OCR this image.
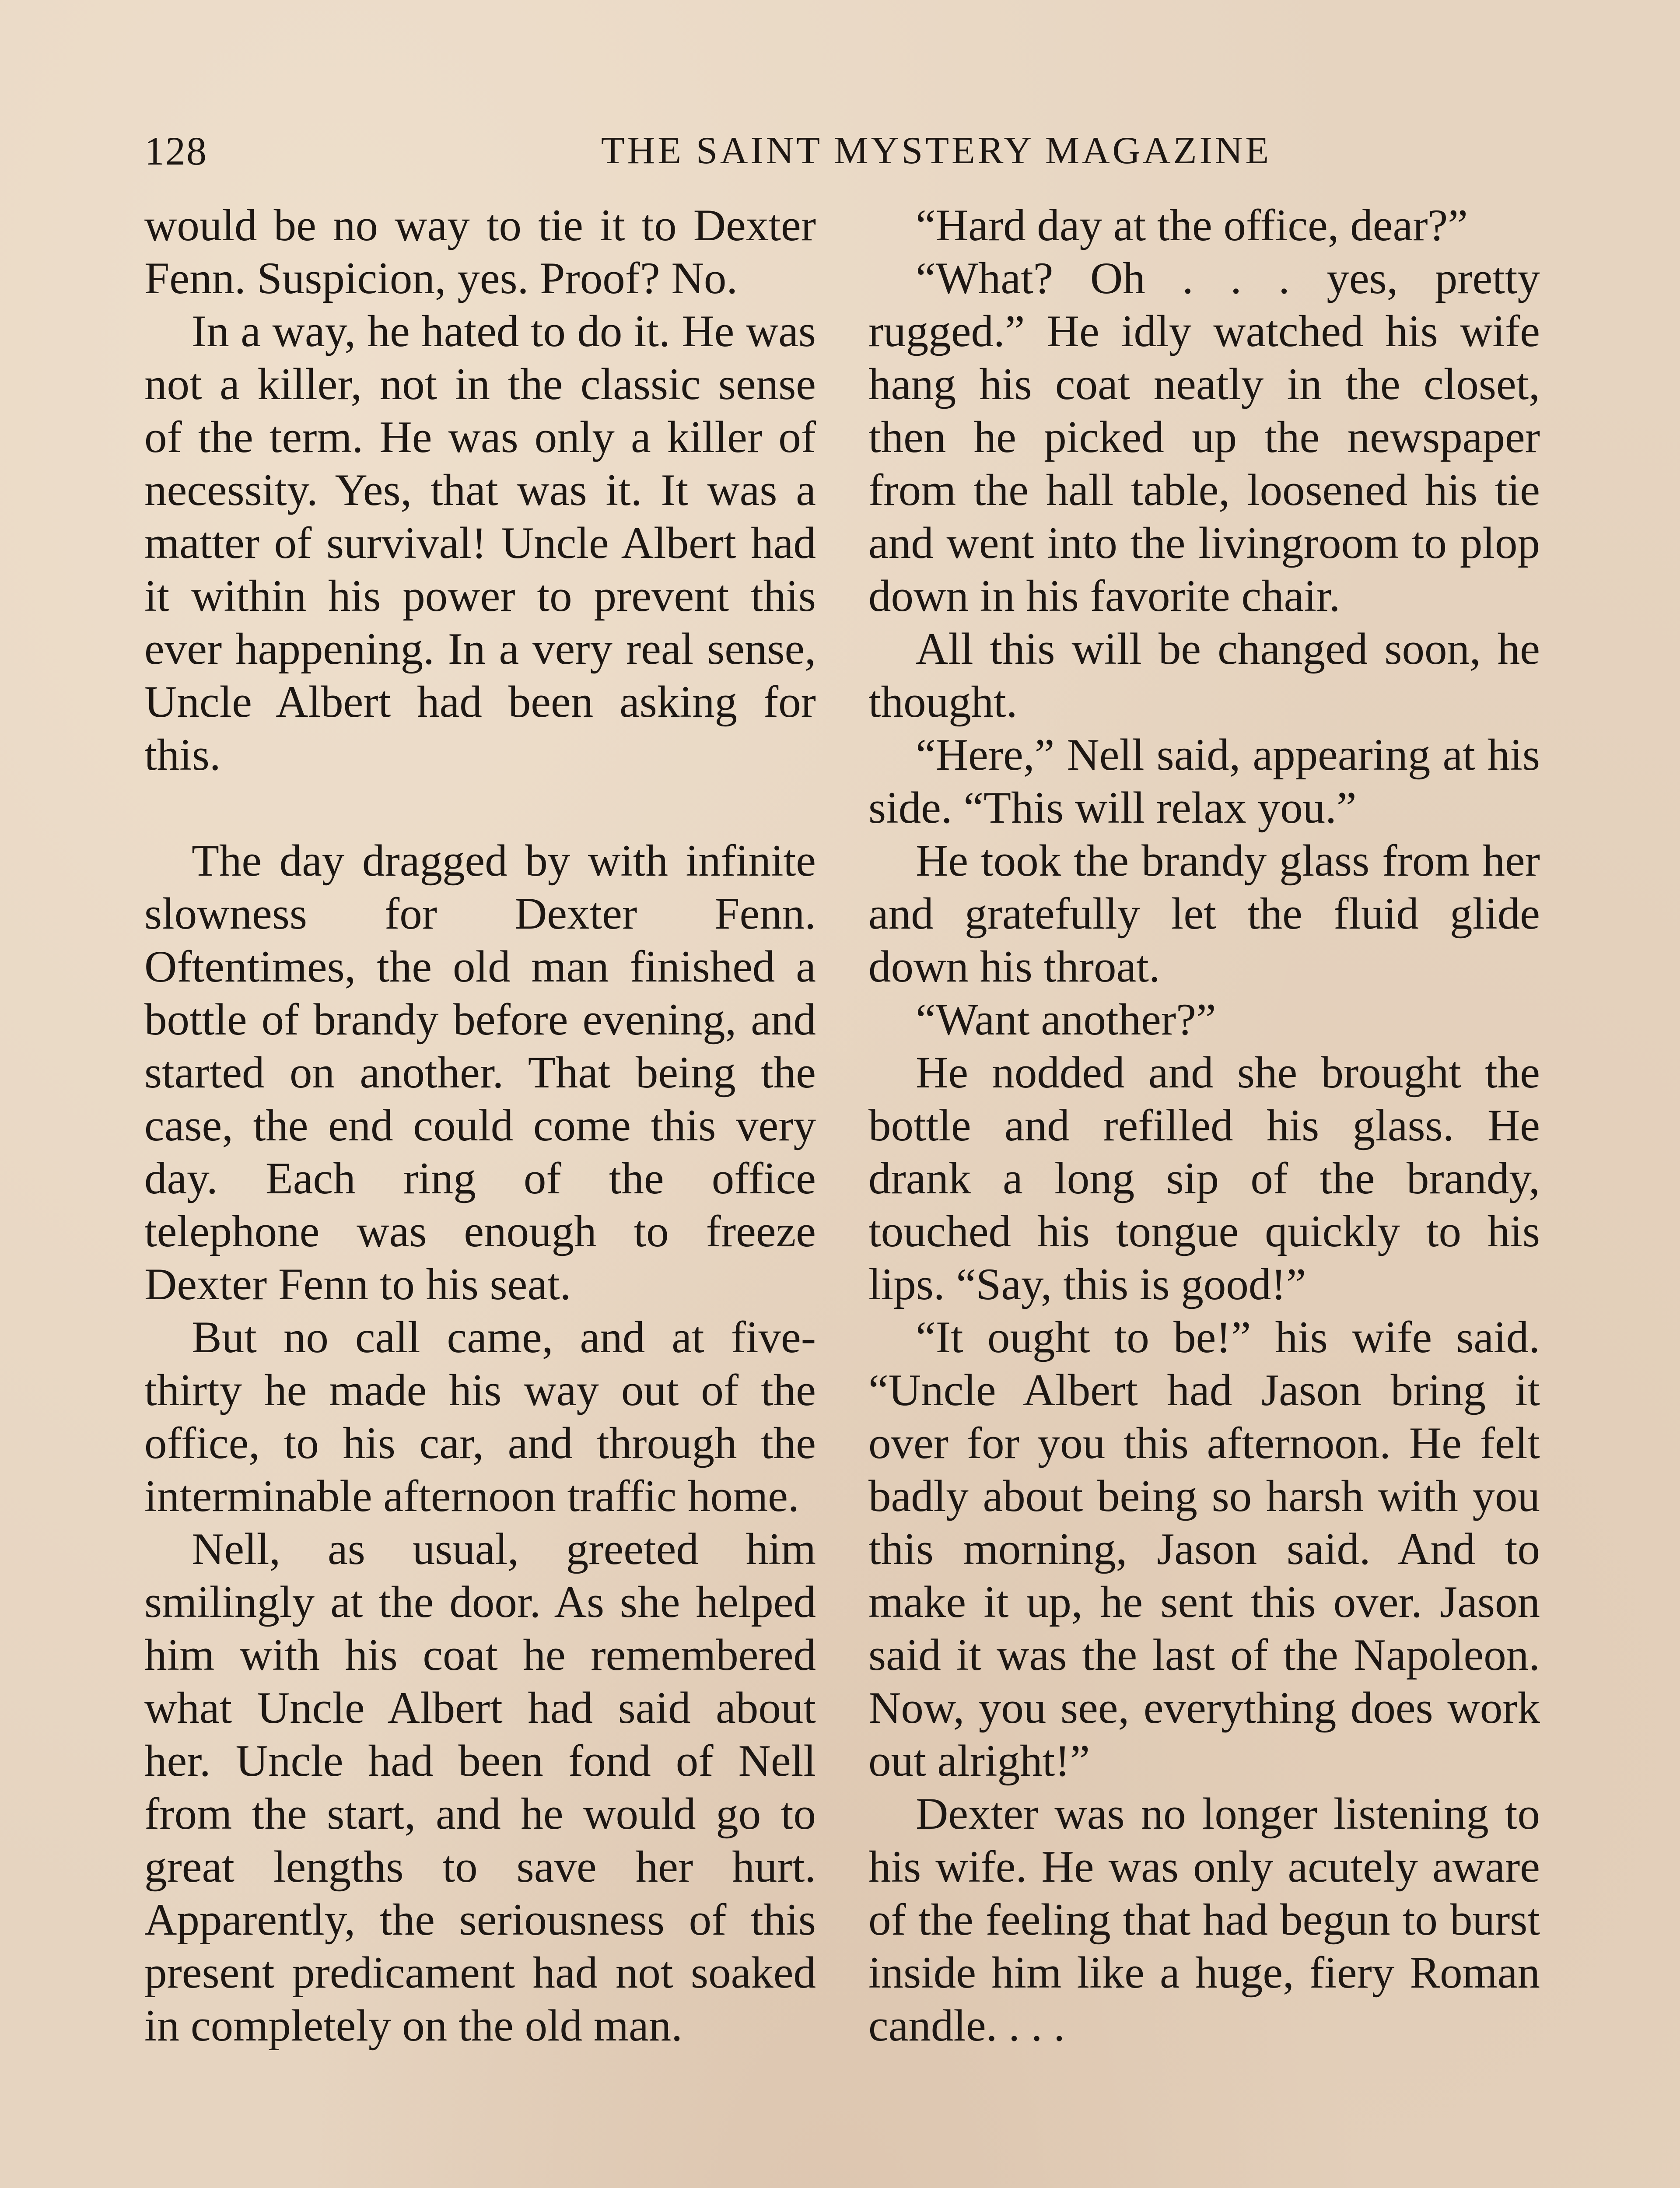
128	THE SAINT MYSTERY MAGAZINE

would be no way to tie it to Dexter Fenn. Suspicion, yes. Proof? No.

In a way, he hated to do it. He was not a killer, not in the classic sense of the term. He was only a killer of necessity. Yes, that was it. It was a matter of survival! Uncle Albert had it within his power to prevent this ever happening. In a very real sense, Uncle Albert had been asking for this.

The day dragged by with infinite slowness for Dexter Fenn. Oftentimes, the old man finished a bottle of brandy before evening, and started on another. That being the case, the end could come this very day. Each ring of the office telephone was enough to freeze Dexter Fenn to his seat.

But no call came, and at five-thirty he made his way out of the office, to his car, and through the interminable afternoon traffic home.

Nell, as usual, greeted him smilingly at the door. As she helped him with his coat he remembered what Uncle Albert had said about her. Uncle had been fond of Nell from the start, and he would go to great lengths to save her hurt. Apparently, the seriousness of this present predicament had not soaked in completely on the old man.

“Hard day at the office, dear?”

“What? Oh . . . yes, pretty rugged.” He idly watched his wife hang his coat neatly in the closet, then he picked up the newspaper from the hall table, loosened his tie and went into the livingroom to plop down in his favorite chair.

All this will be changed soon, he thought.

“Here,” Nell said, appearing at his side. “This will relax you.”

He took the brandy glass from her and gratefully let the fluid glide down his throat.

“Want another?”

He nodded and she brought the bottle and refilled his glass. He drank a long sip of the brandy, touched his tongue quickly to his lips. “Say, this is good!”

“It ought to be!” his wife said. “Uncle Albert had Jason bring it over for you this afternoon. He felt badly about being so harsh with you this morning, Jason said. And to make it up, he sent this over. Jason said it was the last of the Napoleon. Now, you see, everything does work out alright!”

Dexter was no longer listening to his wife. He was only acutely aware of the feeling that had begun to burst inside him like a huge, fiery Roman candle. . . .
